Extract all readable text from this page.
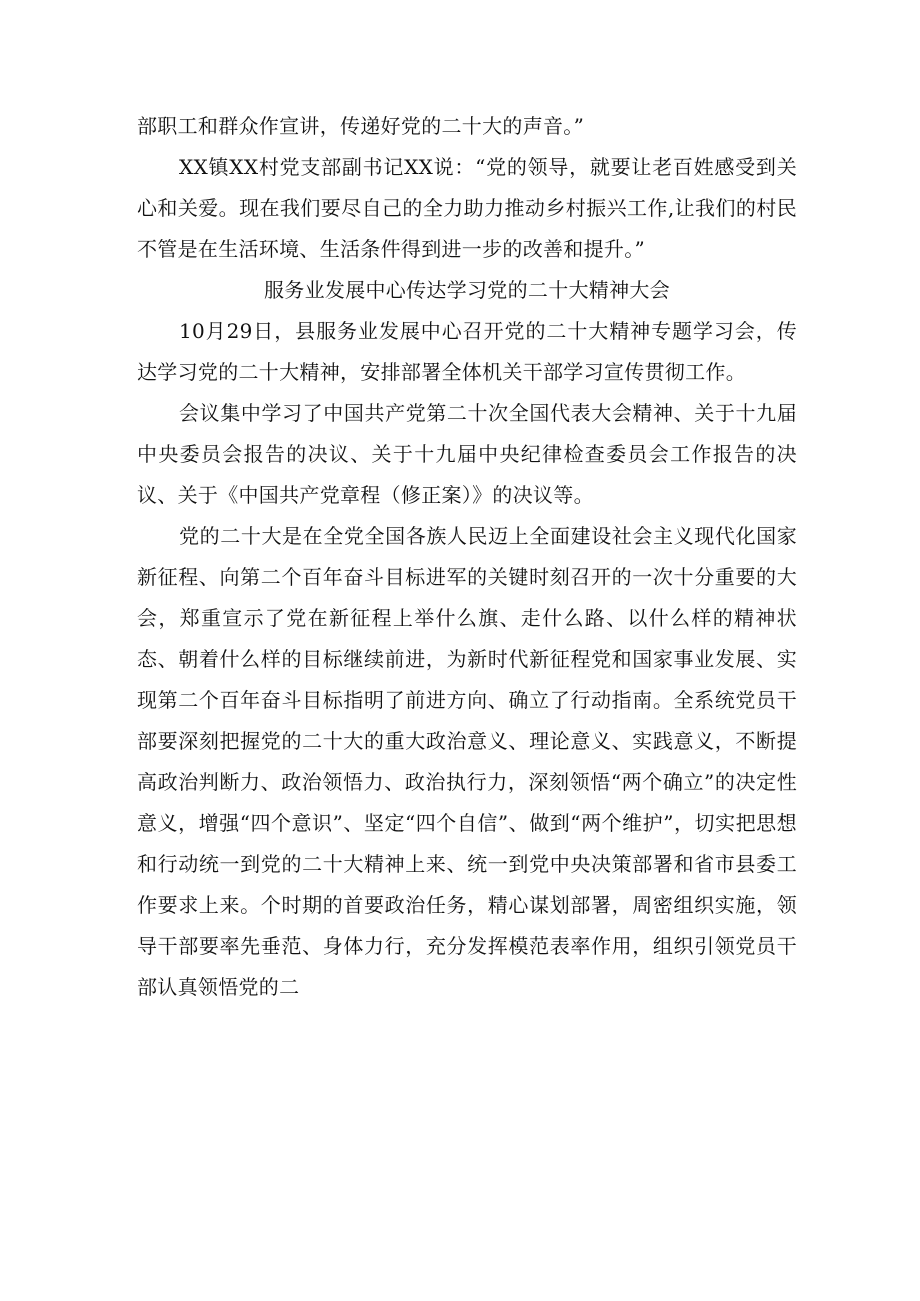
部职工和群众作宣讲，传递好党的二十大的声音。”

XX镇XX村党支部副书记XX说：“党的领导，就要让老百姓感受到关心和关爱。现在我们要尽自己的全力助力推动乡村振兴工作,让我们的村民不管是在生活环境、生活条件得到进一步的改善和提升。”

服务业发展中心传达学习党的二十大精神大会

10月29日，县服务业发展中心召开党的二十大精神专题学习会，传达学习党的二十大精神，安排部署全体机关干部学习宣传贯彻工作。

会议集中学习了中国共产党第二十次全国代表大会精神、关于十九届中央委员会报告的决议、关于十九届中央纪律检查委员会工作报告的决议、关于《中国共产党章程（修正案）》的决议等。

党的二十大是在全党全国各族人民迈上全面建设社会主义现代化国家新征程、向第二个百年奋斗目标进军的关键时刻召开的一次十分重要的大会，郑重宣示了党在新征程上举什么旗、走什么路、以什么样的精神状态、朝着什么样的目标继续前进，为新时代新征程党和国家事业发展、实现第二个百年奋斗目标指明了前进方向、确立了行动指南。全系统党员干部要深刻把握党的二十大的重大政治意义、理论意义、实践意义，不断提高政治判断力、政治领悟力、政治执行力，深刻领悟“两个确立”的决定性意义，增强“四个意识”、坚定“四个自信”、做到“两个维护”，切实把思想和行动统一到党的二十大精神上来、统一到党中央决策部署和省市县委工作要求上来。个时期的首要政治任务，精心谋划部署，周密组织实施，领导干部要率先垂范、身体力行，充分发挥模范表率作用，组织引领党员干部认真领悟党的二
